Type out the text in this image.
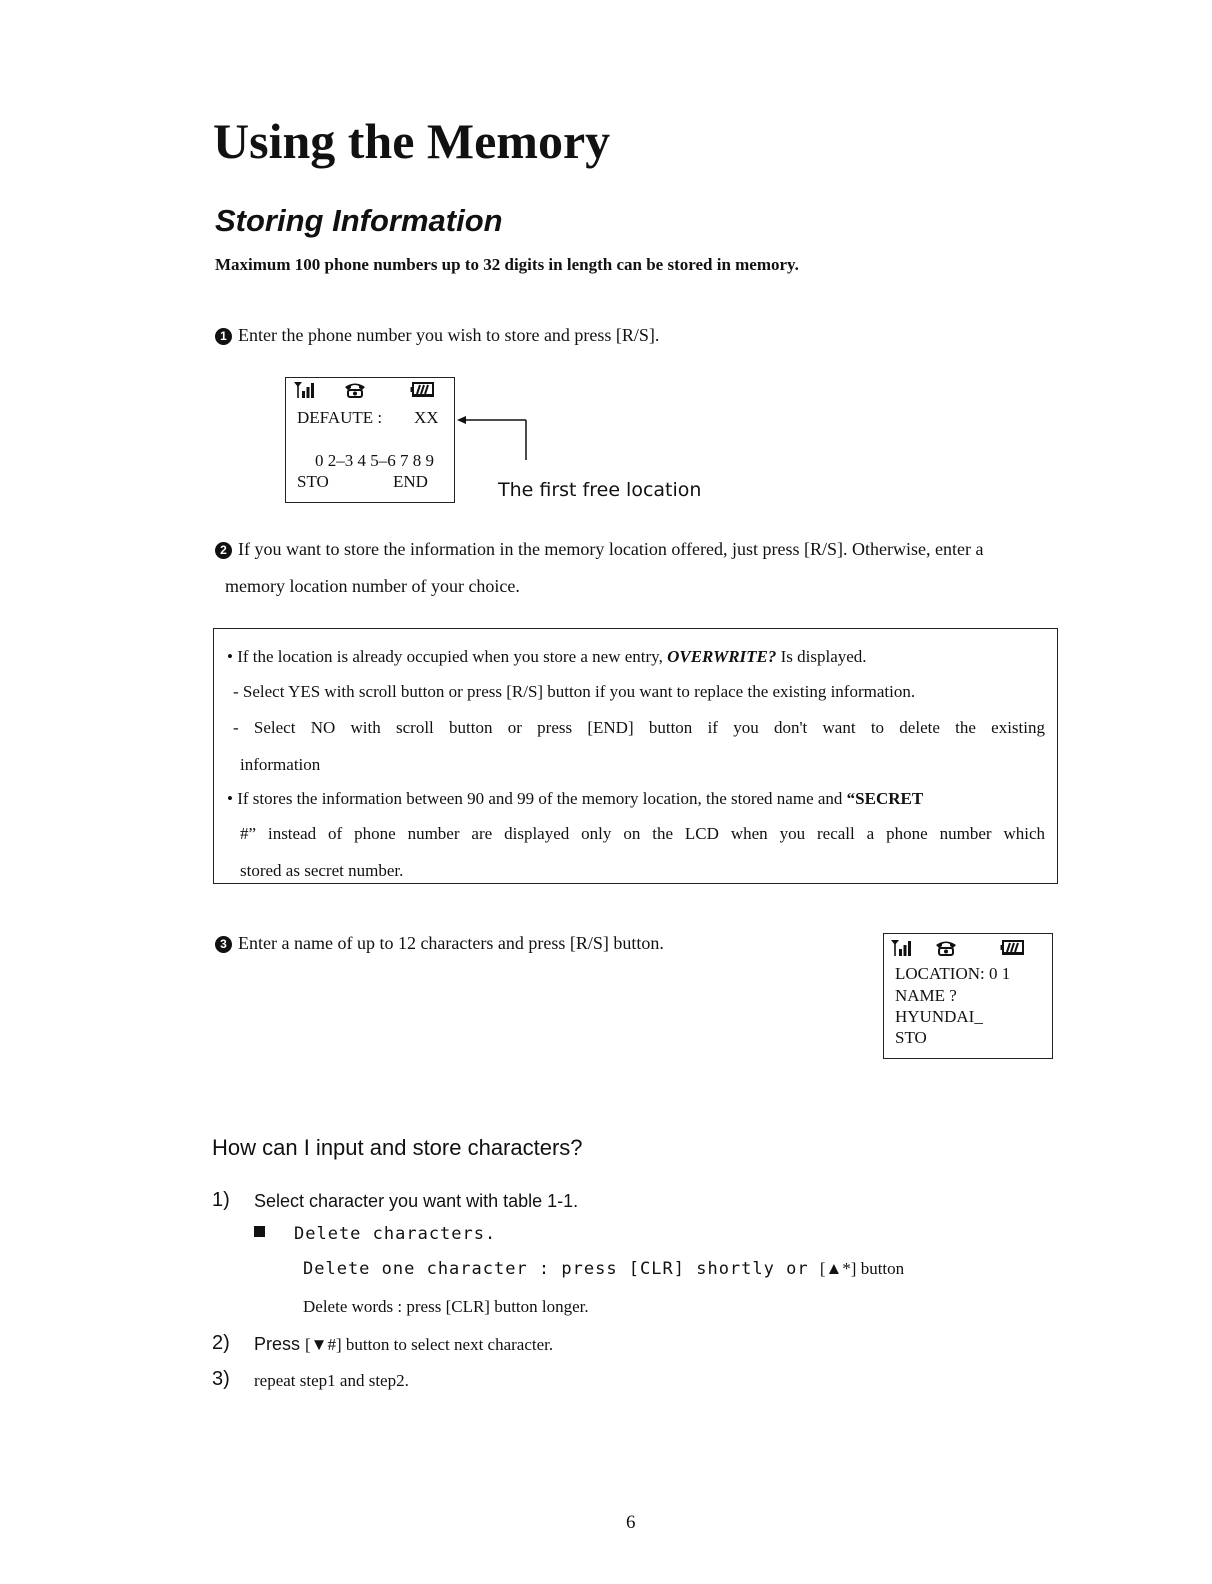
Using the Memory
Storing Information
Maximum 100 phone numbers up to 32 digits in length can be stored in memory.
1 Enter the phone number you wish to store and press [R/S].
DEFAUTE : XX
0 2–3 4 5–6 7 8 9
STO	END	The first free location
2 If you want to store the information in the memory location offered, just press [R/S]. Otherwise, enter a
memory location number of your choice.
• If the location is already occupied when you store a new entry, OVERWRITE? Is displayed.
- Select YES with scroll button or press [R/S] button if you want to replace the existing information.
- Select NO with scroll button or press [END] button if you don't want to delete the existing
information
• If stores the information between 90 and 99 of the memory location, the stored name and “SECRET
#” instead of phone number are displayed only on the LCD when you recall a phone number which
stored as secret number.
3 Enter a name of up to 12 characters and press [R/S] button.
LOCATION: 0 1
NAME ?
HYUNDAI_
STO
How can I input and store characters?
1) Select character you want with table 1-1.
Delete characters.
Delete one character : press [CLR] shortly or [▲*] button
Delete words : press [CLR] button longer.
2) Press [▼#] button to select next character.
3) repeat step1 and step2.
6
